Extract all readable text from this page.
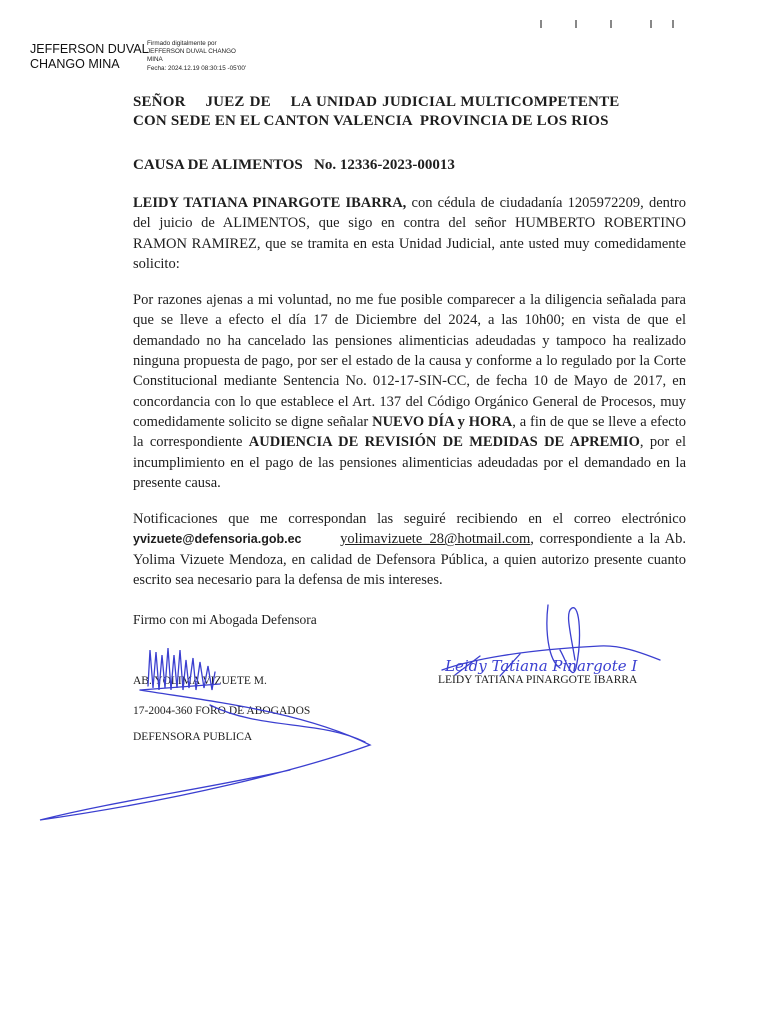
JEFFERSON DUVAL CHANGO MINA
Firmado digitalmente por
JEFFERSON DUVAL CHANGO
MINA
Fecha: 2024.12.19 08:30:15 -05'00'

SEÑOR    JUEZ DE    LA UNIDAD JUDICIAL MULTICOMPETENTE

CON SEDE EN EL CANTON VALENCIA  PROVINCIA DE LOS RIOS

CAUSA DE ALIMENTOS   No. 12336-2023-00013

LEIDY TATIANA PINARGOTE IBARRA, con cédula de ciudadanía 1205972209, dentro del juicio de ALIMENTOS, que sigo en contra del señor HUMBERTO ROBERTINO RAMON RAMIREZ, que se tramita en esta Unidad Judicial, ante usted muy comedidamente solicito:

Por razones ajenas a mi voluntad, no me fue posible comparecer a la diligencia señalada para que se lleve a efecto el día 17 de Diciembre del 2024, a las 10h00; en vista de que el demandado no ha cancelado las pensiones alimenticias adeudadas y tampoco ha realizado ninguna propuesta de pago, por ser el estado de la causa y conforme a lo regulado por la Corte Constitucional mediante Sentencia No. 012-17-SIN-CC, de fecha 10 de Mayo de 2017, en concordancia con lo que establece el Art. 137 del Código Orgánico General de Procesos, muy comedidamente solicito se digne señalar NUEVO DÍA y HORA, a fin de que se lleve a efecto la correspondiente AUDIENCIA DE REVISIÓN DE MEDIDAS DE APREMIO, por el incumplimiento en el pago de las pensiones alimenticias adeudadas por el demandado en la presente causa.

Notificaciones que me correspondan las seguiré recibiendo en el correo electrónico yvizuete@defensoria.gob.ec	yolimavizuete_28@hotmail.com, correspondiente a la Ab. Yolima Vizuete Mendoza, en calidad de Defensora Pública, a quien autorizo presente cuanto escrito sea necesario para la defensa de mis intereses.

Firmo con mi Abogada Defensora

AB. YOLIMA VIZUETE M.
17-2004-360 FORO DE ABOGADOS
DEFENSORA PUBLICA
LEIDY TATIANA PINARGOTE IBARRA
Leidy Tatiana Pinargote I
